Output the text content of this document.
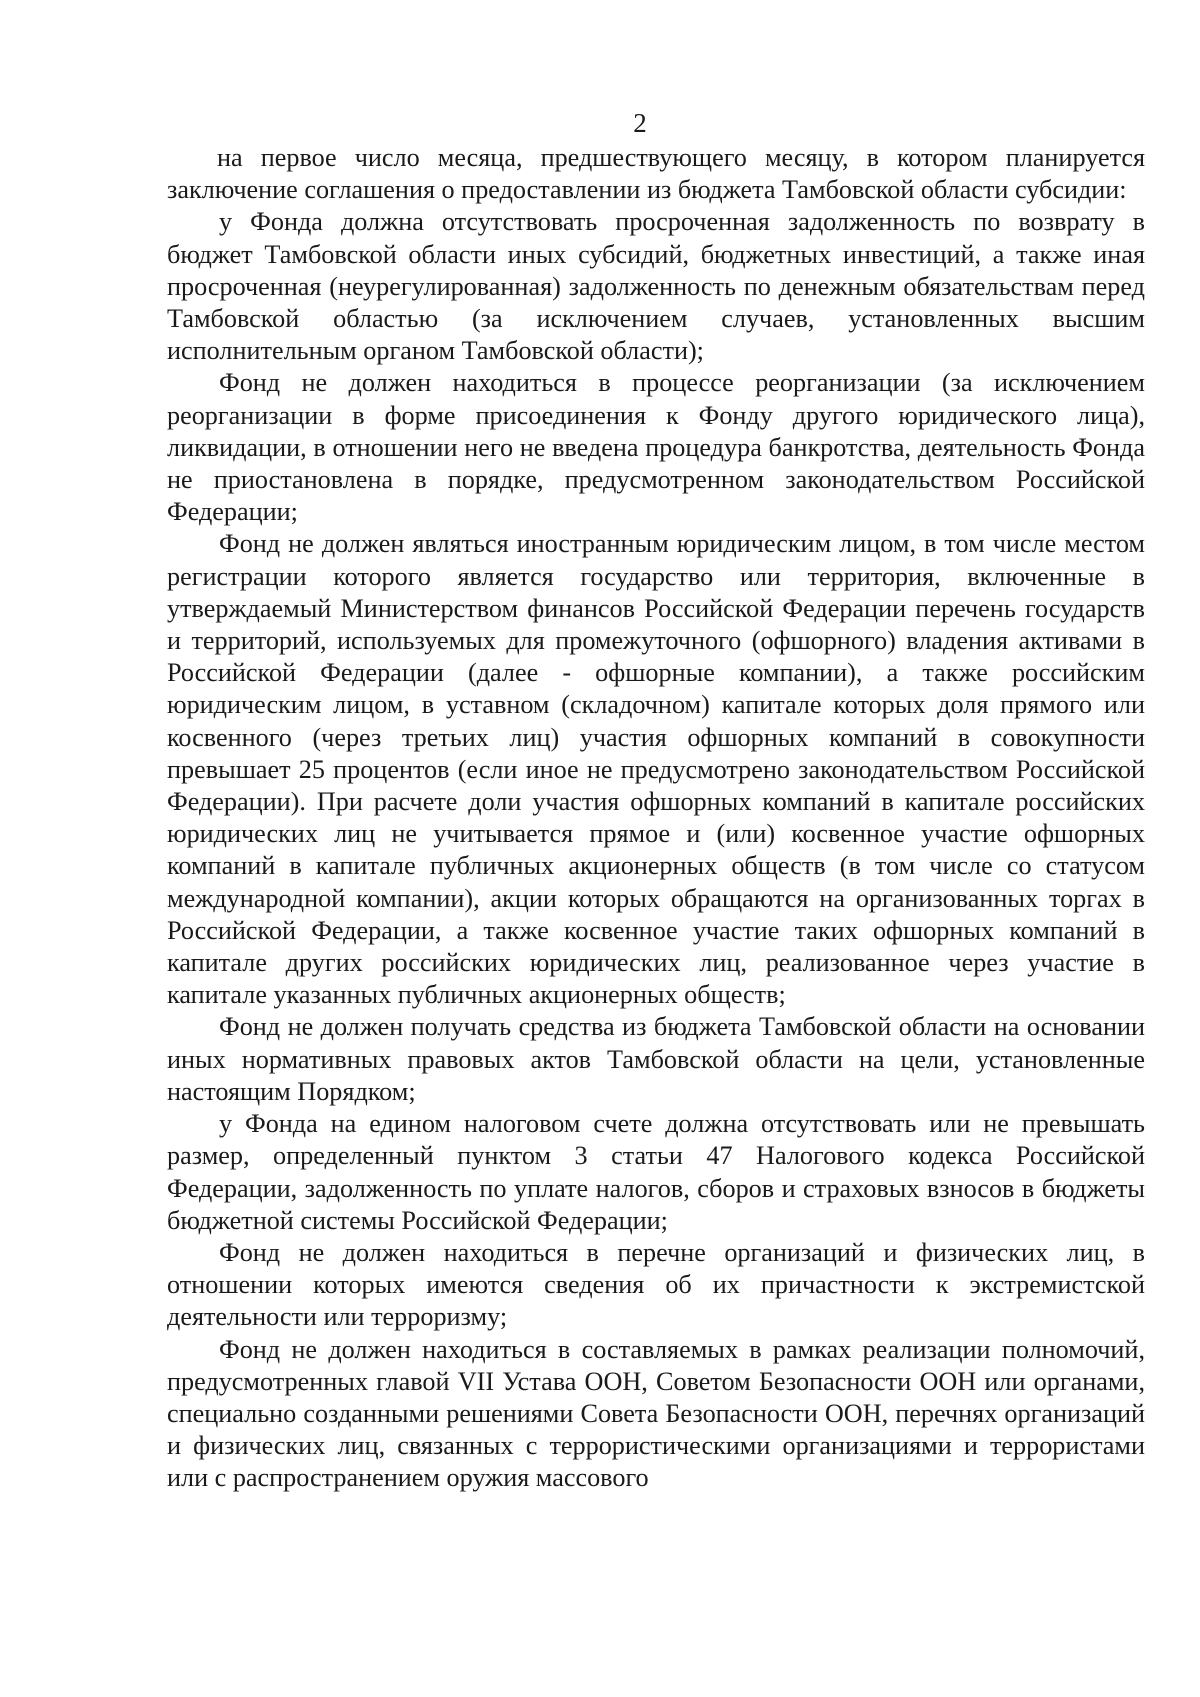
2

на первое число месяца, предшествующего месяцу, в котором планируется заключение соглашения о предоставлении из бюджета Тамбовской области субсидии:

у Фонда должна отсутствовать просроченная задолженность по возврату в бюджет Тамбовской области иных субсидий, бюджетных инвестиций, а также иная просроченная (неурегулированная) задолженность по денежным обязательствам перед Тамбовской областью (за исключением случаев, установленных высшим исполнительным органом Тамбовской области);

Фонд не должен находиться в процессе реорганизации (за исключением реорганизации в форме присоединения к Фонду другого юридического лица), ликвидации, в отношении него не введена процедура банкротства, деятельность Фонда не приостановлена в порядке, предусмотренном законодательством Российской Федерации;

Фонд не должен являться иностранным юридическим лицом, в том числе местом регистрации которого является государство или территория, включенные в утверждаемый Министерством финансов Российской Федерации перечень государств и территорий, используемых для промежуточного (офшорного) владения активами в Российской Федерации (далее - офшорные компании), а также российским юридическим лицом, в уставном (складочном) капитале которых доля прямого или косвенного (через третьих лиц) участия офшорных компаний в совокупности превышает 25 процентов (если иное не предусмотрено законодательством Российской Федерации). При расчете доли участия офшорных компаний в капитале российских юридических лиц не учитывается прямое и (или) косвенное участие офшорных компаний в капитале публичных акционерных обществ (в том числе со статусом международной компании), акции которых обращаются на организованных торгах в Российской Федерации, а также косвенное участие таких офшорных компаний в капитале других российских юридических лиц, реализованное через участие в капитале указанных публичных акционерных обществ;

Фонд не должен получать средства из бюджета Тамбовской области на основании иных нормативных правовых актов Тамбовской области на цели, установленные настоящим Порядком;

у Фонда на едином налоговом счете должна отсутствовать или не превышать размер, определенный пунктом 3 статьи 47 Налогового кодекса Российской Федерации, задолженность по уплате налогов, сборов и страховых взносов в бюджеты бюджетной системы Российской Федерации;

Фонд не должен находиться в перечне организаций и физических лиц, в отношении которых имеются сведения об их причастности к экстремистской деятельности или терроризму;

Фонд не должен находиться в составляемых в рамках реализации полномочий, предусмотренных главой VII Устава ООН, Советом Безопасности ООН или органами, специально созданными решениями Совета Безопасности ООН, перечнях организаций и физических лиц, связанных с террористическими организациями и террористами или с распространением оружия массового
